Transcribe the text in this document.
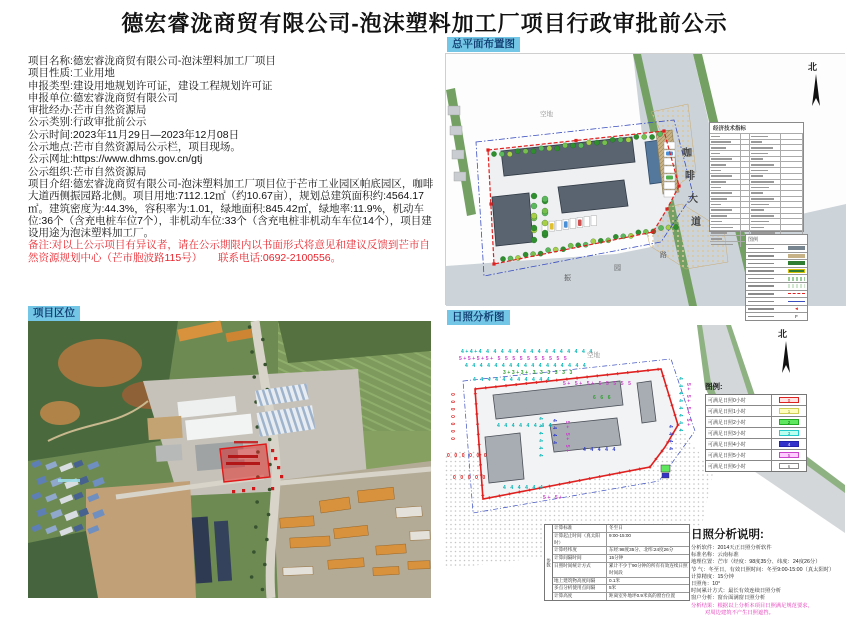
德宏睿泷商贸有限公司-泡沫塑料加工厂项目行政审批前公示
项目名称:德宏睿泷商贸有限公司-泡沫塑料加工厂项目
项目性质:工业用地
申报类型:建设用地规划许可证，建设工程规划许可证
申报单位:德宏睿泷商贸有限公司
审批经办:芒市自然资源局
公示类别:行政审批前公示
公示时间:2023年11月29日—2023年12月08日
公示地点:芒市自然资源局公示栏，项目现场。
公示网址:https://www.dhms.gov.cn/gtj
公示组织:芒市自然资源局
项目介绍:德宏睿泷商贸有限公司-泡沫塑料加工厂项目位于芒市工业园区帕底园区，咖啡大道西侧振园路北侧。项目用地:7112.12㎡（约10.67亩），规划总建筑面积约:4564.17㎡。建筑密度为:44.3%，容积率为:1.01，绿地面积:845.42㎡，绿地率:11.9%，机动车位:36个（含充电桩车位7个），非机动车位:33个（含充电桩非机动车车位14个），项目建设用途为泡沫塑料加工厂。
备注:对以上公示项目有异议者，请在公示期限内以书面形式将意见和建议反馈到芒市自然资源规划中心（芒市胞波路115号）　　联系电话:0692-2100556。
项目区位
总平面布置图
日照分析图
北
咖
啡
大
道
振
园
路
空地
经济技术指标
图例
◄
F
北
空地
4+4+4 4 4 4 4 4 4 4 4 4 4 4 4 4 4 4
5+5+5+5+ 5 5 5 5 5 5 5 5 5 5
4 4 4 4 4 4 4 4 4 4 4 4 4 4 4 4 4
3+3+3+ 3 3 3 3 3 3
4 4 4 4 4 4 4 4 4 4 4
5+ 5+ 5+ 5 5 5 5 5
0 0 0 0 0 0 0
0 0 0 0 0 0	4 4 4 4 4 4 4 4 4 4 5+ 5+ 5+
4 4 4 4 4 4 4 4
4 4 4 4 4
4 4 4 4 4 4 4 4 5+ 5+ 5+ 5+
0 0 0 0 0
4 4 4 4 4 4
6 6 6
4 4 4 4
5+ 5+
图例:
可满足日照0小时	0
可满足日照1小时	1
可满足日照2小时	2
可满足日照3小时	3
可满足日照4小时	4
可满足日照5小时	5
可满足日照6小时	6
日照分析说明:
分析软件：2014天正日照分析软件
标准名称：云南标准
地理位置：芒市（经度：98度35分、纬度：24度26分）
节 气：冬至日，有效日照时间：冬至9:00-15:00（真太阳时）
计算精度：15分钟
日照角：10°
时间累计方式：最长有效连续日照分析
窗户分析：窗台面满窗日照分析
分析结果：根据以上分析本项目日照满足规范要求，
对周边建筑不产生日照遮挡。
参数
计算标准	冬至日
计算起止时间（真太阳时）
9:00-15:00
计算经纬度	东经:98度35分、北纬:24度26分
计算间隔时间	15分钟
日照时间统计方式	累计不少于90分钟的所有有效连续日照时间段
地上建筑物高度间隔	0.1米
多点分析使用点间隔	5米
计算高度	距离室外地坪0.9米高的窗台位置
